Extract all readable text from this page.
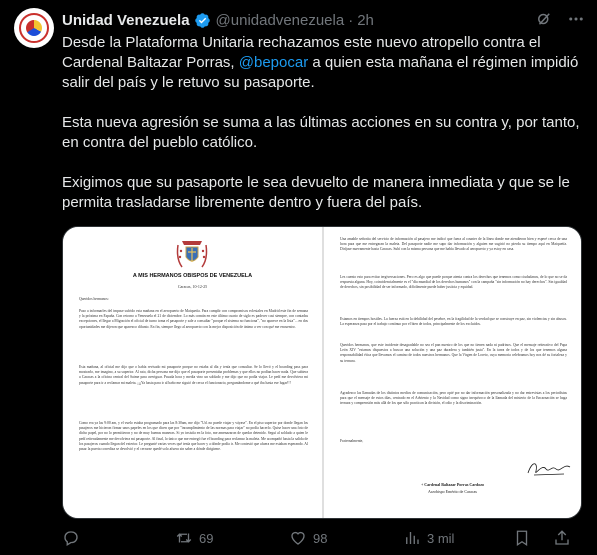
Unidad Venezuela @unidadvenezuela · 2h

Desde la Plataforma Unitaria rechazamos este nuevo atropello contra el Cardenal Baltazar Porras, @bepocar a quien esta mañana el régimen impidió salir del país y le retuvo su pasaporte.

Esta nueva agresión se suma a las últimas acciones en su contra y, por tanto, en contra del pueblo católico.

Exigimos que su pasaporte le sea devuelto de manera inmediata y que se le permita trasladarse libremente dentro y fuera del país.

A MIS HERMANOS OBISPOS DE VENEZUELA
Caracas, 10-12-25
Queridos hermanos:
Paso a informarles del impase sufrido esta mañana en el aeropuerto de Maiquetía. Para cumplir con compromisos eclesiales en Madrid este fin de semana y la próxima en España. Con retorno a Venezuela el 21 de diciembre. Lo más común en este último cuarto de siglo es padecer casi siempre, con contadas excepciones, el llegar a Migración el oficial de turno toma el pasaporte y sale a consultar "porque el sistema no funciona", "no aparece en la lista"... en dos oportunidades me dijeron que aparezco difunto. En fin, siempre llego al aeropuerto con la mejor disposición de ánimo a ver con qué me encuentro.
Esta mañana, al oficial me dijo que o había revisado mi pasaporte porque no estaba al día y tenía que consultar. Se lo llevó y el boarding pass para mostrarlo, me imagino, a su superior. Al rato, dicha persona me dijo que el pasaporte presentaba problemas y que ellos no podían hacer nada. Que subiera a Caracas a la oficina central del Saime para averiguar. Pasada hora y media vino un soldado y me dijo que no podía viajar. Le pedí me devolviera mi pasaporte para ir a reclamar mi maleta. ¡¡¡Ya hasta para ir al baño me siguió de cerca el funcionario, preguntándome a qué iba hasta ese lugar!!!
Como era ya las 9:00 am, y el vuelo estaba programado para las 8:30am, me dijo "Ud. no puede viajar y váyase". En el piso superior por donde llegan los pasajeros me hicieron firmar unos papeles en los que dicen que por "incumplimiento de las normas para viajar" no podía hacerlo. Quise hacer una foto de dicho papel, por no lo permitieron y no de muy buenas maneras. Si yo insistía en la foto, me amenazaron de quedar detenido. Seguí al soldado a quien le pedí reiteradamente me devolviera mi pasaporte. Al final, lo único que me entregó fue el boarding para reclamar la maleta. Me acompañó hasta la salida de los pasajeros cuando llegan del exterior. Le pregunté varias veces qué tenía que hacer y a dónde podía ir. Me contestó que afuera me estaban esperando. Al pasar la puerta corrediza se devolvió y el cerrarse quedé solo afuera sin saber a dónde dirigirme.
Una amable señorita del servicio de información al pasajero me indicó que fuera al counter de la línea donde me atendieron bien y esperé cerca de una hora para que me entregaran la maleta. Del pasaporte nadie me supo dar información y alguien me sugirió no pierda su tiempo aquí en Maiquetía. Diríjase nuevamente hasta Caracas. Subí con la misma persona que me había llevado al aeropuerto y ya estoy en casa.
Les cuento esto para evitar tergiversaciones. Pero es algo que puede porque atenta contra los derechos que tenemos como ciudadanos, de lo que no se da respuesta alguna. Hoy, coincidencialmente es el "día mundial de los derechos humanos" con la campaña "sin información no hay derechos". Sin igualdad de derechos, sin posibilidad de ser informado, difícilmente puede haber justicia y equidad.
Estamos en tiempos hostiles. La fuerza está en la debilidad del pesebre, en la fragilidad de la verdad que se construye en paz, sin violencias y sin abusos. La esperanza pasa por el trabajo continuo por el bien de todos, principalmente de los excluidos.
Queridos hermanos, que este incidente desagradable no sea el pan nuestro de los que no tienen nada ni padrinos. Que el mensaje reiterativo del Papa León XIV "estamos dispuestos a buscar una solución y una paz duradera y también justa". En la tarea de todos y de los que tenemos alguna responsabilidad ética que llevamos el camino de todos nuestros hermanos. Que la Virgen de Loreto, cuya memoria celebramos hoy nos dé su fortaleza y su ternura.
Agradezco las llamadas de los distintos medios de comunicación, pero opté por no dar información personalizada y no dar entrevistas a los periodistas para que el mensaje de estos días, centrado en el Adviento y la Navidad como signo inequívoco de la llamada del misterio de la Encarnación se haga ternura y comprensión más allá de los que sólo practican la división, el odio y la discriminación.
Fraternalmente,
+ Cardenal Baltazar Porras Cardozo
Arzobispo Emérito de Caracas
69	98	3 mil
